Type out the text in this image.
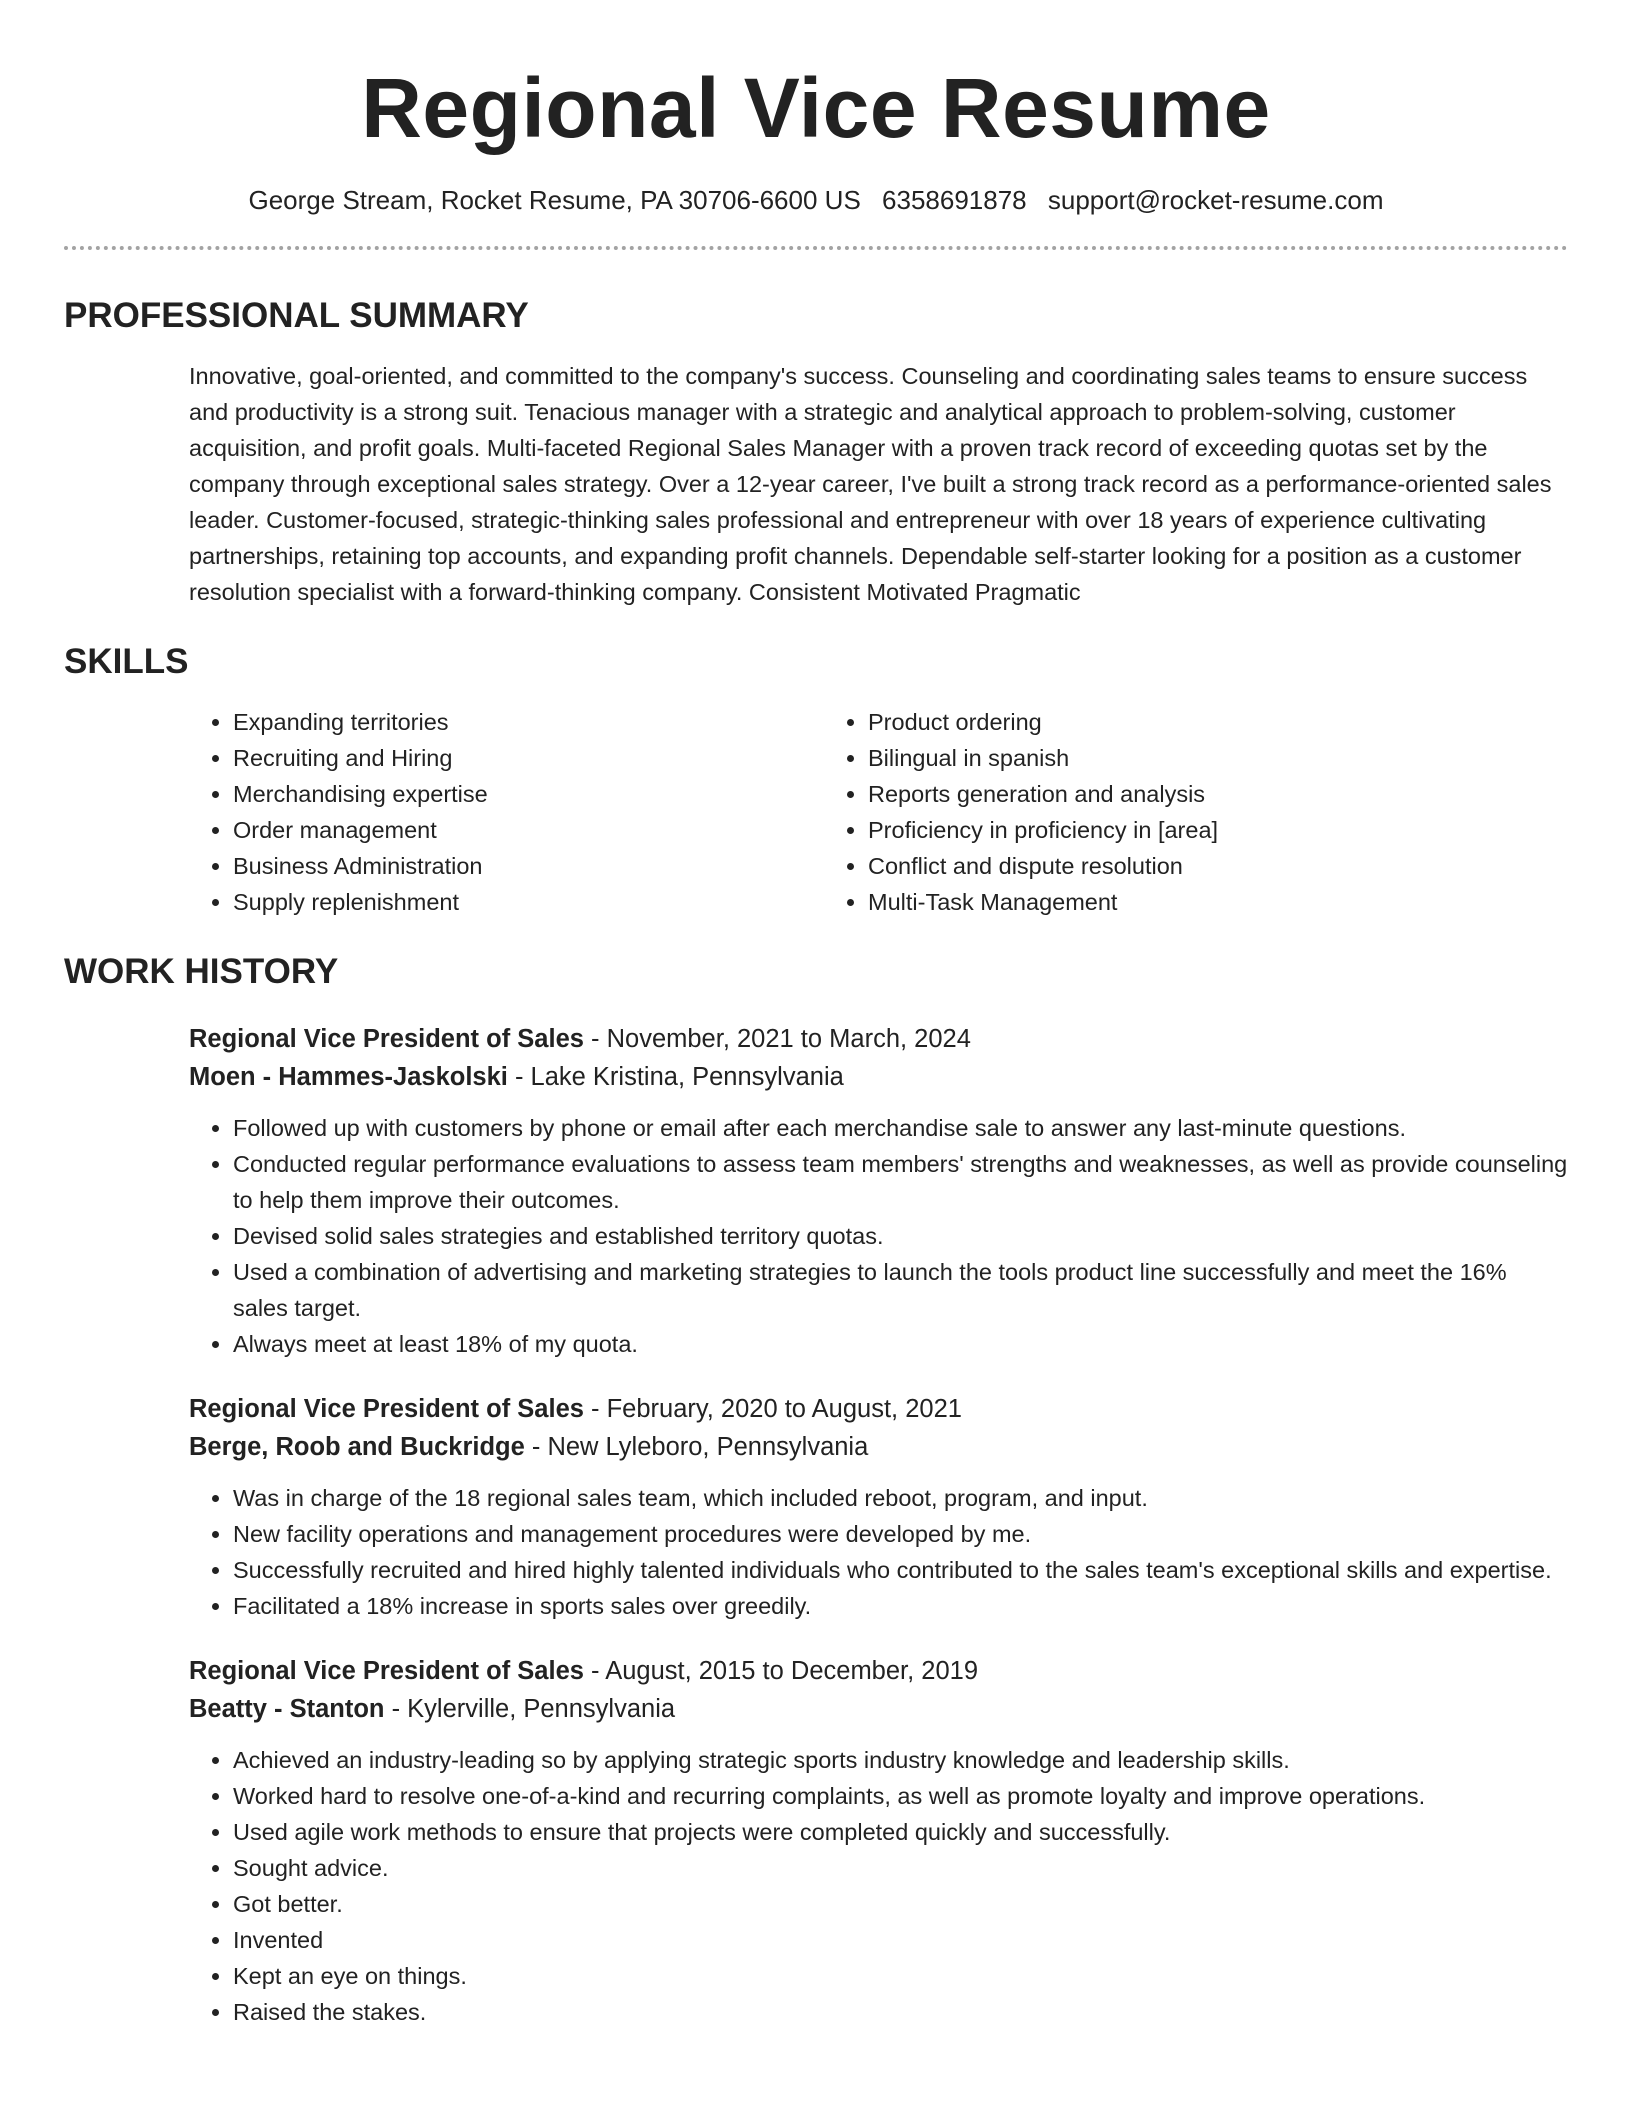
Regional Vice Resume
George Stream, Rocket Resume, PA 30706-6600 US 6358691878 support@rocket-resume.com
PROFESSIONAL SUMMARY

Innovative, goal-oriented, and committed to the company's success. Counseling and coordinating sales teams to ensure success and productivity is a strong suit. Tenacious manager with a strategic and analytical approach to problem-solving, customer acquisition, and profit goals. Multi-faceted Regional Sales Manager with a proven track record of exceeding quotas set by the company through exceptional sales strategy. Over a 12-year career, I've built a strong track record as a performance-oriented sales leader. Customer-focused, strategic-thinking sales professional and entrepreneur with over 18 years of experience cultivating partnerships, retaining top accounts, and expanding profit channels. Dependable self-starter looking for a position as a customer resolution specialist with a forward-thinking company. Consistent Motivated Pragmatic

SKILLS
• Expanding territories
• Recruiting and Hiring
• Merchandising expertise
• Order management
• Business Administration
• Supply replenishment
• Product ordering
• Bilingual in spanish
• Reports generation and analysis
• Proficiency in proficiency in [area]
• Conflict and dispute resolution
• Multi-Task Management
WORK HISTORY
Regional Vice President of Sales - November, 2021 to March, 2024
Moen - Hammes-Jaskolski - Lake Kristina, Pennsylvania
• Followed up with customers by phone or email after each merchandise sale to answer any last-minute questions.
• Conducted regular performance evaluations to assess team members' strengths and weaknesses, as well as provide counseling to help them improve their outcomes.
• Devised solid sales strategies and established territory quotas.
• Used a combination of advertising and marketing strategies to launch the tools product line successfully and meet the 16% sales target.
• Always meet at least 18% of my quota.
Regional Vice President of Sales - February, 2020 to August, 2021
Berge, Roob and Buckridge - New Lyleboro, Pennsylvania
• Was in charge of the 18 regional sales team, which included reboot, program, and input.
• New facility operations and management procedures were developed by me.
• Successfully recruited and hired highly talented individuals who contributed to the sales team's exceptional skills and expertise.
• Facilitated a 18% increase in sports sales over greedily.
Regional Vice President of Sales - August, 2015 to December, 2019
Beatty - Stanton - Kylerville, Pennsylvania
• Achieved an industry-leading so by applying strategic sports industry knowledge and leadership skills.
• Worked hard to resolve one-of-a-kind and recurring complaints, as well as promote loyalty and improve operations.
• Used agile work methods to ensure that projects were completed quickly and successfully.
• Sought advice.
• Got better.
• Invented
• Kept an eye on things.
• Raised the stakes.
